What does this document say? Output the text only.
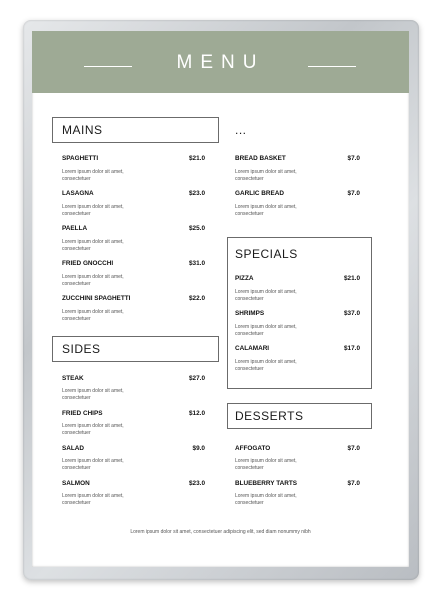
MENU
MAINS
SPAGHETTI	$21.0
Lorem ipsum dolor sit amet, consectetuer
LASAGNA	$23.0
Lorem ipsum dolor sit amet, consectetuer
PAELLA	$25.0
Lorem ipsum dolor sit amet, consectetuer
FRIED GNOCCHI	$31.0
Lorem ipsum dolor sit amet, consectetuer
ZUCCHINI SPAGHETTI	$22.0
Lorem ipsum dolor sit amet, consectetuer
SIDES
STEAK	$27.0
Lorem ipsum dolor sit amet, consectetuer
FRIED CHIPS	$12.0
Lorem ipsum dolor sit amet, consectetuer
SALAD	$9.0
Lorem ipsum dolor sit amet, consectetuer
SALMON	$23.0
Lorem ipsum dolor sit amet, consectetuer
...
BREAD BASKET	$7.0
Lorem ipsum dolor sit amet, consectetuer
GARLIC BREAD	$7.0
Lorem ipsum dolor sit amet, consectetuer
SPECIALS
PIZZA	$21.0
Lorem ipsum dolor sit amet, consectetuer
SHRIMPS	$37.0
Lorem ipsum dolor sit amet, consectetuer
CALAMARI	$17.0
Lorem ipsum dolor sit amet, consectetuer
DESSERTS
AFFOGATO	$7.0
Lorem ipsum dolor sit amet, consectetuer
BLUEBERRY TARTS	$7.0
Lorem ipsum dolor sit amet, consectetuer
Lorem ipsum dolor sit amet, consectetuer adipiscing elit, sed diam nonummy nibh
